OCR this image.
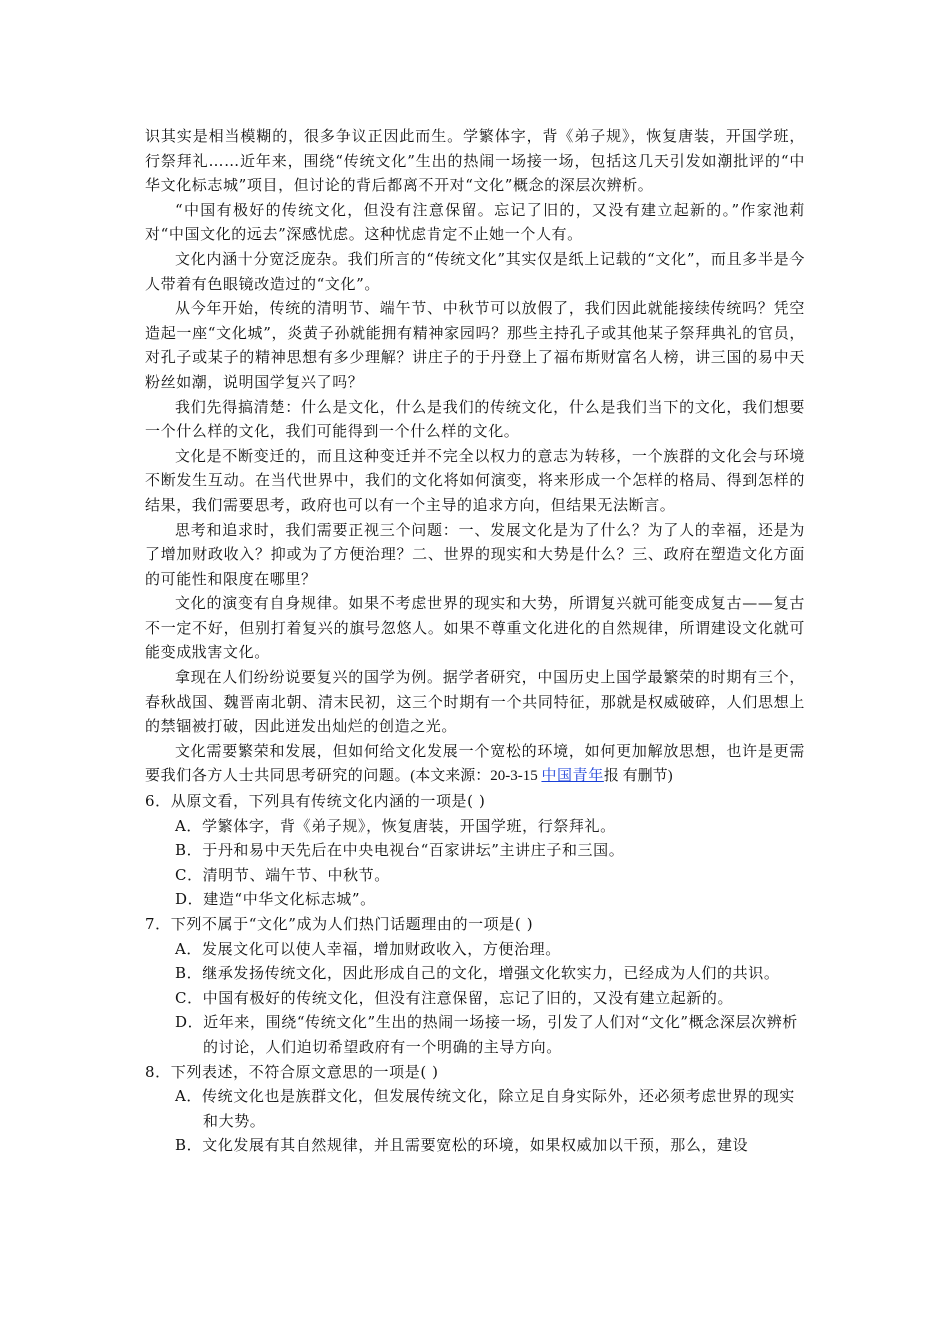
识其实是相当模糊的，很多争议正因此而生。学繁体字，背《弟子规》，恢复唐装，开国学班，行祭拜礼……近年来，围绕“传统文化”生出的热闹一场接一场，包括这几天引发如潮批评的“中华文化标志城”项目，但讨论的背后都离不开对“文化”概念的深层次辨析。

“中国有极好的传统文化，但没有注意保留。忘记了旧的，又没有建立起新的。”作家池莉对“中国文化的远去”深感忧虑。这种忧虑肯定不止她一个人有。

文化内涵十分宽泛庞杂。我们所言的“传统文化”其实仅是纸上记载的“文化”，而且多半是今人带着有色眼镜改造过的“文化”。

从今年开始，传统的清明节、端午节、中秋节可以放假了，我们因此就能接续传统吗？凭空造起一座“文化城”，炎黄子孙就能拥有精神家园吗？那些主持孔子或其他某子祭拜典礼的官员，对孔子或某子的精神思想有多少理解？讲庄子的于丹登上了福布斯财富名人榜，讲三国的易中天粉丝如潮，说明国学复兴了吗？

我们先得搞清楚：什么是文化，什么是我们的传统文化，什么是我们当下的文化，我们想要一个什么样的文化，我们可能得到一个什么样的文化。

文化是不断变迁的，而且这种变迁并不完全以权力的意志为转移，一个族群的文化会与环境不断发生互动。在当代世界中，我们的文化将如何演变，将来形成一个怎样的格局、得到怎样的结果，我们需要思考，政府也可以有一个主导的追求方向，但结果无法断言。

思考和追求时，我们需要正视三个问题：一、发展文化是为了什么？为了人的幸福，还是为了增加财政收入？抑或为了方便治理？二、世界的现实和大势是什么？三、政府在塑造文化方面的可能性和限度在哪里？

文化的演变有自身规律。如果不考虑世界的现实和大势，所谓复兴就可能变成复古——复古不一定不好，但别打着复兴的旗号忽悠人。如果不尊重文化进化的自然规律，所谓建设文化就可能变成戕害文化。

拿现在人们纷纷说要复兴的国学为例。据学者研究，中国历史上国学最繁荣的时期有三个，春秋战国、魏晋南北朝、清末民初，这三个时期有一个共同特征，那就是权威破碎，人们思想上的禁锢被打破，因此迸发出灿烂的创造之光。

文化需要繁荣和发展，但如何给文化发展一个宽松的环境，如何更加解放思想，也许是更需要我们各方人士共同思考研究的问题。(本文来源：20-3-15 中国青年报 有删节)

6．从原文看，下列具有传统文化内涵的一项是( )

A．学繁体字，背《弟子规》，恢复唐装，开国学班，行祭拜礼。

B．于丹和易中天先后在中央电视台“百家讲坛”主讲庄子和三国。

C．清明节、端午节、中秋节。

D．建造“中华文化标志城”。

7．下列不属于“文化”成为人们热门话题理由的一项是( )

A．发展文化可以使人幸福，增加财政收入，方便治理。

B．继承发扬传统文化，因此形成自己的文化，增强文化软实力，已经成为人们的共识。

C．中国有极好的传统文化，但没有注意保留，忘记了旧的，又没有建立起新的。

D．近年来，围绕“传统文化”生出的热闹一场接一场，引发了人们对“文化”概念深层次辨析的讨论，人们迫切希望政府有一个明确的主导方向。

8．下列表述，不符合原文意思的一项是( )

A．传统文化也是族群文化，但发展传统文化，除立足自身实际外，还必须考虑世界的现实和大势。

B．文化发展有其自然规律，并且需要宽松的环境，如果权威加以干预，那么，建设
